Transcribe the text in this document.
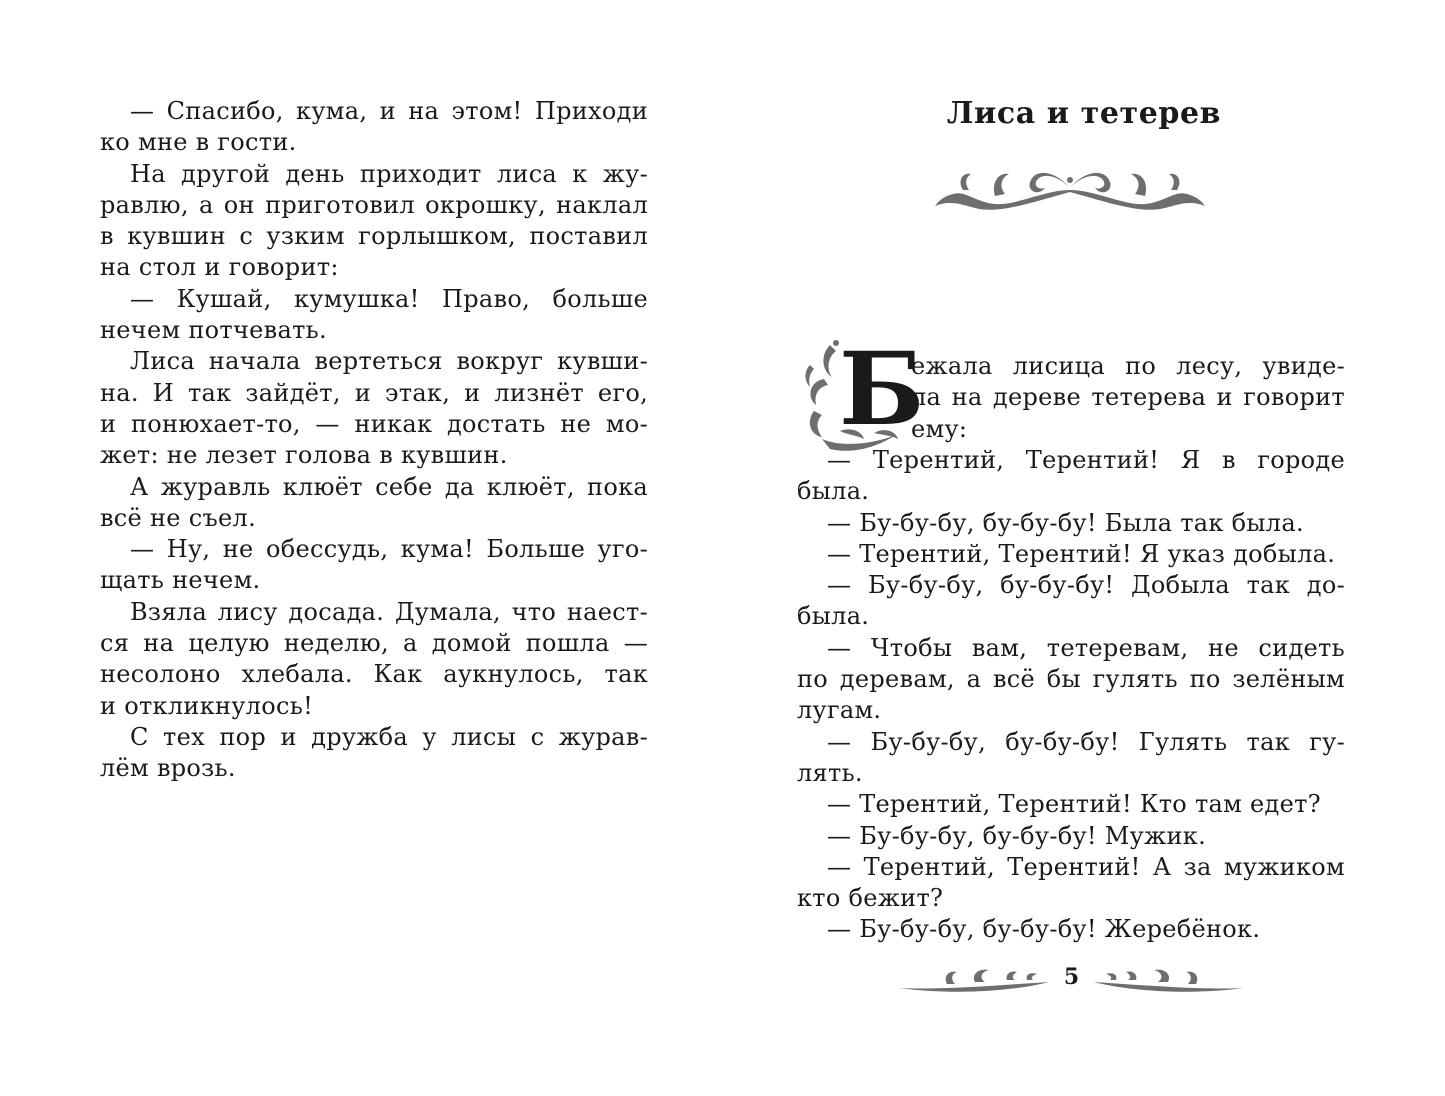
— Спасибо, кума, и на этом! Приходи
ко мне в гости.
На другой день приходит лиса к жу-
равлю, а он приготовил окрошку, наклал
в кувшин с узким горлышком, поставил
на стол и говорит:
— Кушай, кумушка! Право, больше
нечем потчевать.
Лиса начала вертеться вокруг кувши-
на. И так зайдёт, и этак, и лизнёт его,
и понюхает-то, — никак достать не мо-
жет: не лезет голова в кувшин.
А журавль клюёт себе да клюёт, пока
всё не съел.
— Ну, не обессудь, кума! Больше уго-
щать нечем.
Взяла лису досада. Думала, что наест-
ся на целую неделю, а домой пошла —
несолоно хлебала. Как аукнулось, так
и откликнулось!
С тех пор и дружба у лисы с журав-
лём врозь.
Лиса и тетерев
Б
ежала лисица по лесу, увиде-
ла на дереве тетерева и говорит
ему:
— Терентий, Терентий! Я в городе
была.
— Бу-бу-бу, бу-бу-бу! Была так была.
— Терентий, Терентий! Я указ добыла.
— Бу-бу-бу, бу-бу-бу! Добыла так до-
была.
— Чтобы вам, тетеревам, не сидеть
по деревам, а всё бы гулять по зелёным
лугам.
— Бу-бу-бу, бу-бу-бу! Гулять так гу-
лять.
— Терентий, Терентий! Кто там едет?
— Бу-бу-бу, бу-бу-бу! Мужик.
— Терентий, Терентий! А за мужиком
кто бежит?
— Бу-бу-бу, бу-бу-бу! Жеребёнок.
5
